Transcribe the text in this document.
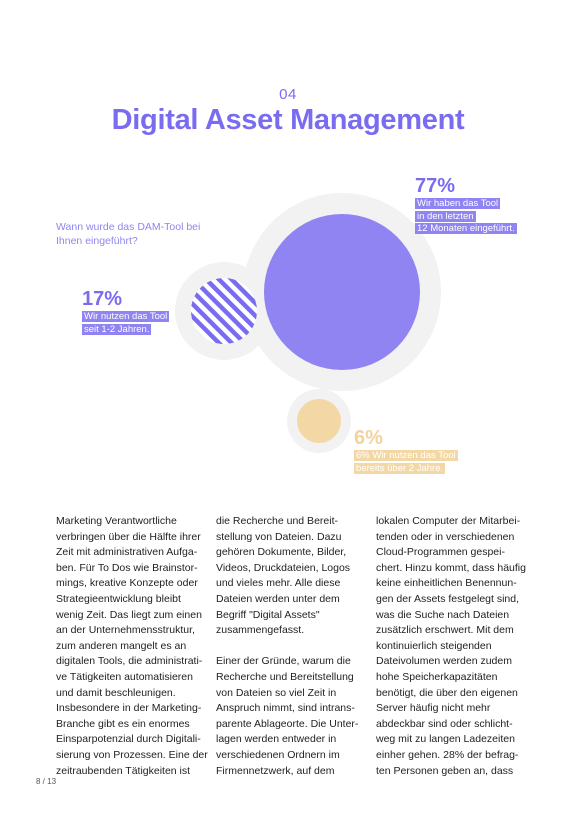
04
Digital Asset Management
Wann wurde das DAM-Tool bei
Ihnen eingeführt?
77%
Wir haben das Tool
in den letzten
12 Monaten eingeführt.
17%
Wir nutzen das Tool
seit 1-2 Jahren.
6%
6% Wir nutzen das Tool
bereits über 2 Jahre.
Marketing Verantwortliche
verbringen über die Hälfte ihrer
Zeit mit administrativen Aufga-
ben. Für To Dos wie Brainstor-
mings, kreative Konzepte oder
Strategieentwicklung bleibt
wenig Zeit. Das liegt zum einen
an der Unternehmensstruktur,
zum anderen mangelt es an
digitalen Tools, die administrati-
ve Tätigkeiten automatisieren
und damit beschleunigen.
Insbesondere in der Marketing-
Branche gibt es ein enormes
Einsparpotenzial durch Digitali-
sierung von Prozessen. Eine der
zeitraubenden Tätigkeiten ist
die Recherche und Bereit-
stellung von Dateien. Dazu
gehören Dokumente, Bilder,
Videos, Druckdateien, Logos
und vieles mehr. Alle diese
Dateien werden unter dem
Begriff "Digital Assets"
zusammengefasst.
Einer der Gründe, warum die
Recherche und Bereitstellung
von Dateien so viel Zeit in
Anspruch nimmt, sind intrans-
parente Ablageorte. Die Unter-
lagen werden entweder in
verschiedenen Ordnern im
Firmennetzwerk, auf dem
lokalen Computer der Mitarbei-
tenden oder in verschiedenen
Cloud-Programmen gespei-
chert. Hinzu kommt, dass häufig
keine einheitlichen Benennun-
gen der Assets festgelegt sind,
was die Suche nach Dateien
zusätzlich erschwert. Mit dem
kontinuierlich steigenden
Dateivolumen werden zudem
hohe Speicherkapazitäten
benötigt, die über den eigenen
Server häufig nicht mehr
abdeckbar sind oder schlicht-
weg mit zu langen Ladezeiten
einher gehen. 28% der befrag-
ten Personen geben an, dass
8 / 13
